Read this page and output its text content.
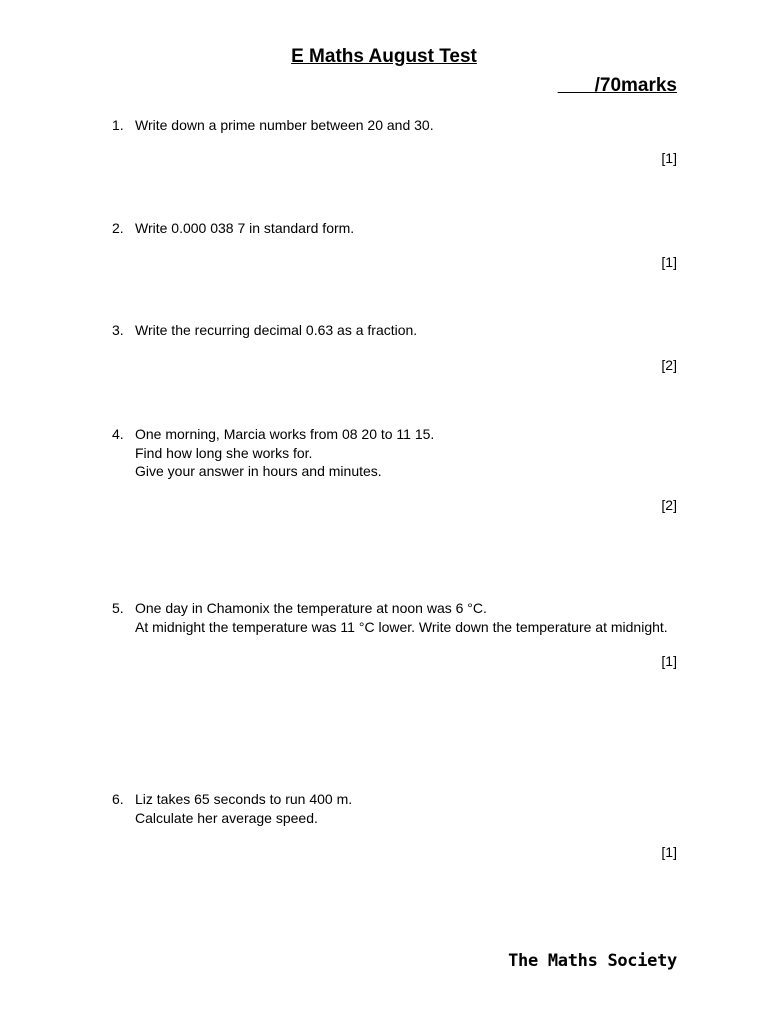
E Maths August Test
/70marks
1. Write down a prime number between 20 and 30.
[1]
2. Write 0.000 038 7 in standard form.
[1]
3. Write the recurring decimal 0.63 as a fraction.
[2]
4. One morning, Marcia works from 08 20 to 11 15.
Find how long she works for.
Give your answer in hours and minutes.
[2]
5. One day in Chamonix the temperature at noon was 6 °C.
At midnight the temperature was 11 °C lower. Write down the temperature at midnight.
[1]
6. Liz takes 65 seconds to run 400 m.
Calculate her average speed.
[1]
The Maths Society
